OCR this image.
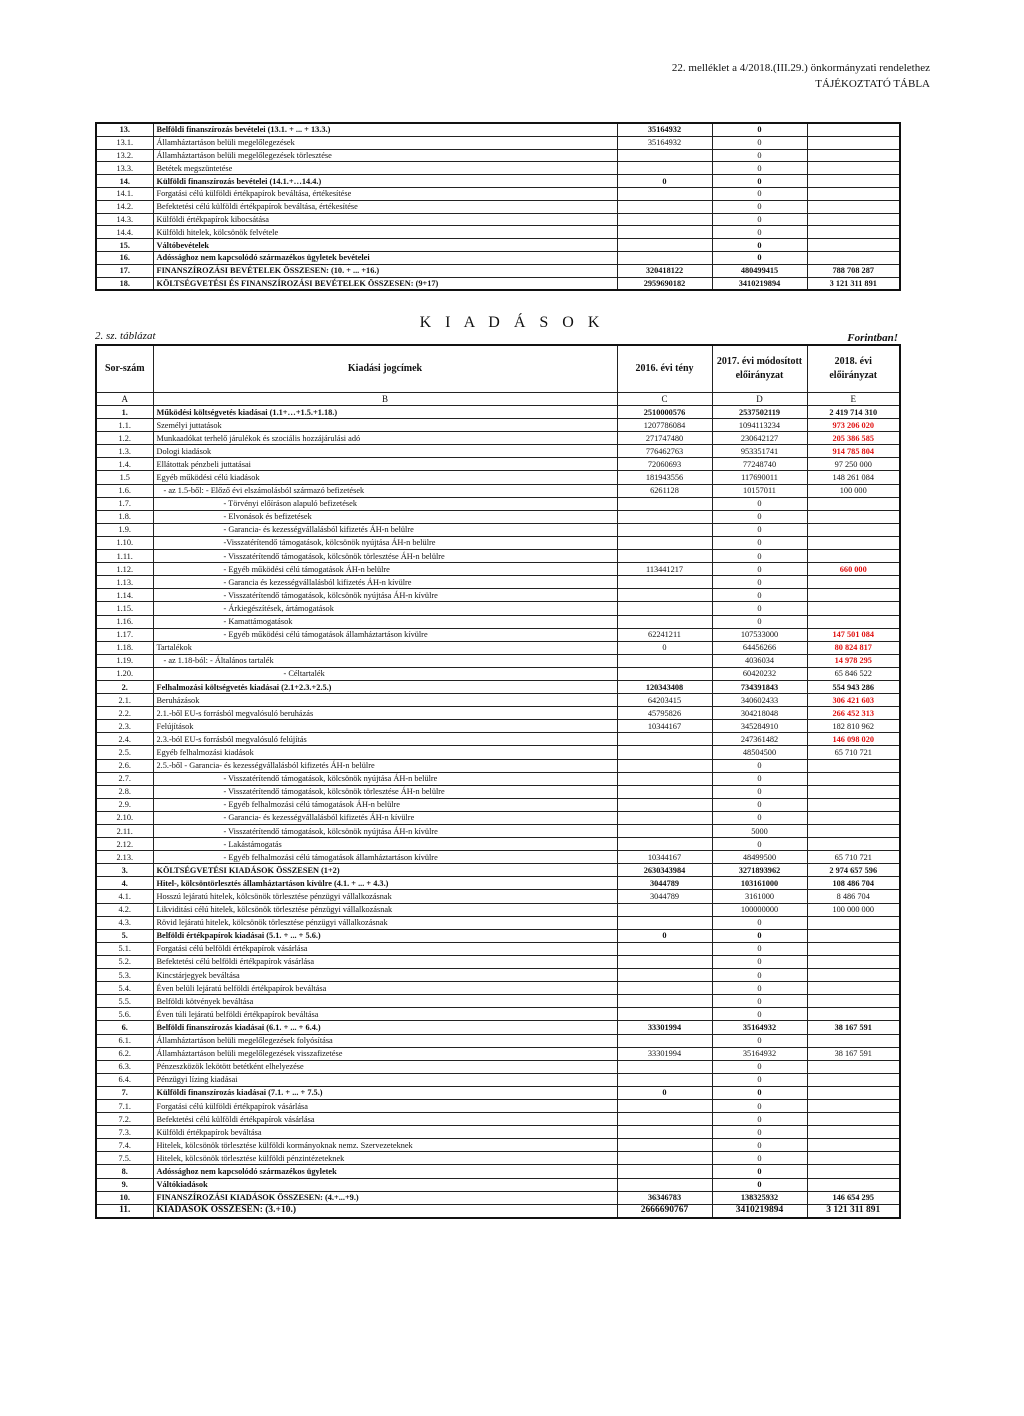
22. melléklet a 4/2018.(III.29.) önkormányzati rendelethez
TÁJÉKOZTATÓ TÁBLA
13.	Belföldi finanszírozás bevételei (13.1. + ... + 13.3.)	35164932	0	
13.1.	Államháztartáson belüli megelőlegezések	35164932	0	
13.2.	Államháztartáson belüli megelőlegezések törlesztése		0	
13.3.	Betétek megszüntetése		0	
14.	Külföldi finanszírozás bevételei (14.1.+…14.4.)	0	0	
14.1.	Forgatási célú külföldi értékpapírok beváltása, értékesítése		0	
14.2.	Befektetési célú külföldi értékpapírok beváltása, értékesítése		0	
14.3.	Külföldi értékpapírok kibocsátása		0	
14.4.	Külföldi hitelek, kölcsönök felvétele		0	
15.	Váltóbevételek		0	
16.	Adóssághoz nem kapcsolódó származékos ügyletek bevételei		0	
17.	FINANSZÍROZÁSI BEVÉTELEK ÖSSZESEN: (10. + ... +16.)	320418122	480499415	788 708 287
18.	KÖLTSÉGVETÉSI ÉS FINANSZÍROZÁSI BEVÉTELEK ÖSSZESEN: (9+17)	2959690182	3410219894	3 121 311 891
K I A D Á S O K
2. sz. táblázat	Forintban!
Sor-szám	Kiadási jogcímek	2016. évi tény	2017. évi módosított előirányzat	2018. évi előirányzat
A	B	C	D	E
1.	Működési költségvetés kiadásai (1.1+…+1.5.+1.18.)	2510000576	2537502119	2 419 714 310
1.1.	Személyi juttatások	1207786084	1094113234	973 206 020
1.2.	Munkaadókat terhelő járulékok és szociális hozzájárulási adó	271747480	230642127	205 386 585
1.3.	Dologi kiadások	776462763	953351741	914 785 804
1.4.	Ellátottak pénzbeli juttatásai	72060693	77248740	97 250 000
1.5	Egyéb működési célú kiadások	181943556	117690011	148 261 084
1.6.	- az 1.5-ből: - Előző évi elszámolásból származó befizetések	6261128	10157011	100 000
1.7.	- Törvényi előíráson alapuló befizetések		0	
1.8.	- Elvonások és befizetések		0	
1.9.	- Garancia- és kezességvállalásból kifizetés ÁH-n belülre		0	
1.10.	-Visszatérítendő támogatások, kölcsönök nyújtása ÁH-n belülre		0	
1.11.	- Visszatérítendő támogatások, kölcsönök törlesztése ÁH-n belülre		0	
1.12.	- Egyéb működési célú támogatások ÁH-n belülre	113441217	0	660 000
1.13.	- Garancia és kezességvállalásból kifizetés ÁH-n kívülre		0	
1.14.	- Visszatérítendő támogatások, kölcsönök nyújtása ÁH-n kívülre		0	
1.15.	- Árkiegészítések, ártámogatások		0	
1.16.	- Kamattámogatások		0	
1.17.	- Egyéb működési célú támogatások államháztartáson kívülre	62241211	107533000	147 501 084
1.18.	Tartalékok	0	64456266	80 824 817
1.19.	- az 1.18-ból: - Általános tartalék		4036034	14 978 295
1.20.	- Céltartalék		60420232	65 846 522
2.	Felhalmozási költségvetés kiadásai (2.1+2.3.+2.5.)	120343408	734391843	554 943 286
2.1.	Beruházások	64203415	340602433	306 421 603
2.2.	2.1.-ből EU-s forrásból megvalósuló beruházás	45795826	304218048	266 452 313
2.3.	Felújítások	10344167	345284910	182 810 962
2.4.	2.3.-ból EU-s forrásból megvalósuló felújítás		247361482	146 098 020
2.5.	Egyéb felhalmozási kiadások		48504500	65 710 721
2.6.	2.5.-ből - Garancia- és kezességvállalásból kifizetés ÁH-n belülre		0	
2.7.	- Visszatérítendő támogatások, kölcsönök nyújtása ÁH-n belülre		0	
2.8.	- Visszatérítendő támogatások, kölcsönök törlesztése ÁH-n belülre		0	
2.9.	- Egyéb felhalmozási célú támogatások ÁH-n belülre		0	
2.10.	- Garancia- és kezességvállalásból kifizetés ÁH-n kívülre		0	
2.11.	- Visszatérítendő támogatások, kölcsönök nyújtása ÁH-n kívülre		5000	
2.12.	- Lakástámogatás		0	
2.13.	- Egyéb felhalmozási célú támogatások államháztartáson kívülre	10344167	48499500	65 710 721
3.	KÖLTSÉGVETÉSI KIADÁSOK ÖSSZESEN (1+2)	2630343984	3271893962	2 974 657 596
4.	Hitel-, kölcsöntörlesztés államháztartáson kívülre (4.1. + ... + 4.3.)	3044789	103161000	108 486 704
4.1.	Hosszú lejáratú hitelek, kölcsönök törlesztése pénzügyi vállalkozásnak	3044789	3161000	8 486 704
4.2.	Likviditási célú hitelek, kölcsönök törlesztése pénzügyi vállalkozásnak		100000000	100 000 000
4.3.	Rövid lejáratú hitelek, kölcsönök törlesztése pénzügyi vállalkozásnak		0	
5.	Belföldi értékpapírok kiadásai (5.1. + ... + 5.6.)	0	0	
5.1.	Forgatási célú belföldi értékpapírok vásárlása		0	
5.2.	Befektetési célú belföldi értékpapírok vásárlása		0	
5.3.	Kincstárjegyek beváltása		0	
5.4.	Éven belüli lejáratú belföldi értékpapírok beváltása		0	
5.5.	Belföldi kötvények beváltása		0	
5.6.	Éven túli lejáratú belföldi értékpapírok beváltása		0	
6.	Belföldi finanszírozás kiadásai (6.1. + ... + 6.4.)	33301994	35164932	38 167 591
6.1.	Államháztartáson belüli megelőlegezések folyósítása		0	
6.2.	Államháztartáson belüli megelőlegezések visszafizetése	33301994	35164932	38 167 591
6.3.	Pénzeszközök lekötött betétként elhelyezése		0	
6.4.	Pénzügyi lízing kiadásai		0	
7.	Külföldi finanszírozás kiadásai (7.1. + ... + 7.5.)	0	0	
7.1.	Forgatási célú külföldi értékpapírok vásárlása		0	
7.2.	Befektetési célú külföldi értékpapírok vásárlása		0	
7.3.	Külföldi értékpapírok beváltása		0	
7.4.	Hitelek, kölcsönök törlesztése külföldi kormányoknak nemz. Szervezeteknek		0	
7.5.	Hitelek, kölcsönök törlesztése külföldi pénzintézeteknek		0	
8.	Adóssághoz nem kapcsolódó származékos ügyletek		0	
9.	Váltókiadások		0	
10.	FINANSZÍROZÁSI KIADÁSOK ÖSSZESEN: (4.+...+9.)	36346783	138325932	146 654 295
11.	KIADÁSOK ÖSSZESEN: (3.+10.)	2666690767	3410219894	3 121 311 891
